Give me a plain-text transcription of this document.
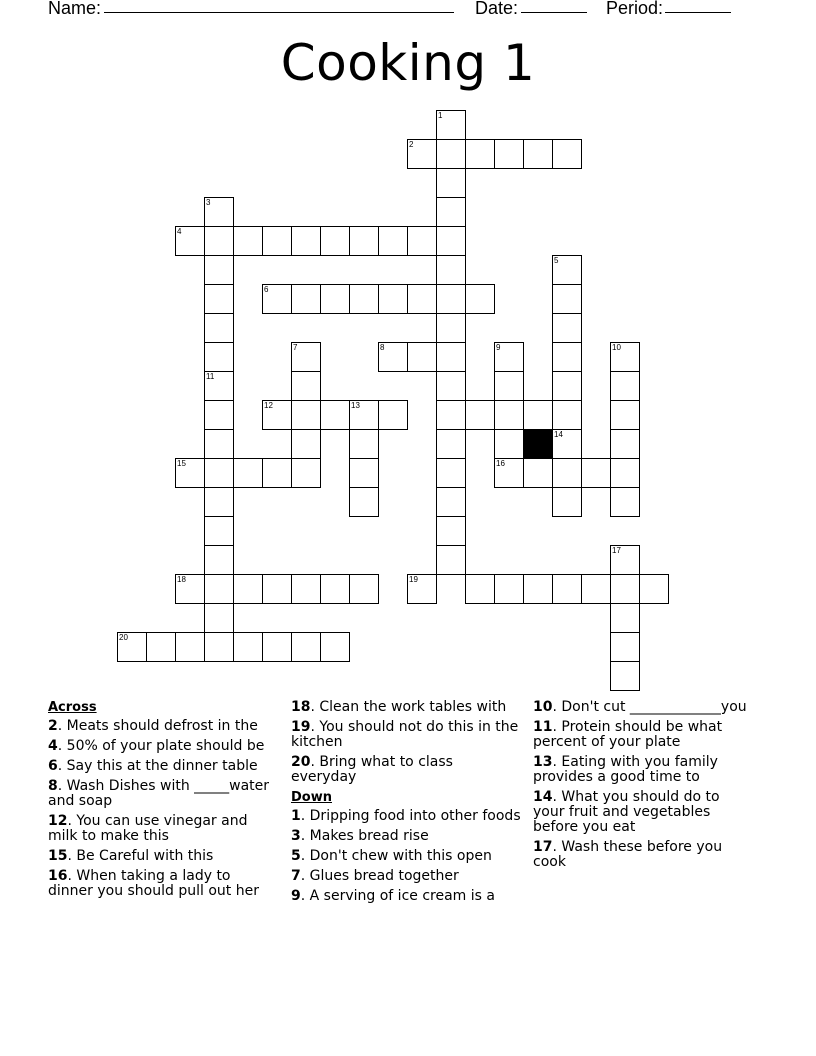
Name:	Date:	Period:
Cooking 1
1
2
3
4
6
5
7	8	9
16
10
11
12	13
14
15
18	19
17
20
Across
2. Meats should defrost in the
4. 50% of your plate should be
6. Say this at the dinner table
8. Wash Dishes with _____water and soap
12. You can use vinegar and milk to make this
15. Be Careful with this
16. When taking a lady to dinner you should pull out her
18. Clean the work tables with
19. You should not do this in the kitchen
20. Bring what to class everyday
Down
1. Dripping food into other foods
3. Makes bread rise
5. Don't chew with this open
7. Glues bread together
9. A serving of ice cream is a
10. Don't cut _____________you
11. Protein should be what percent of your plate
13. Eating with you family provides a good time to
14. What you should do to your fruit and vegetables before you eat
17. Wash these before you cook
